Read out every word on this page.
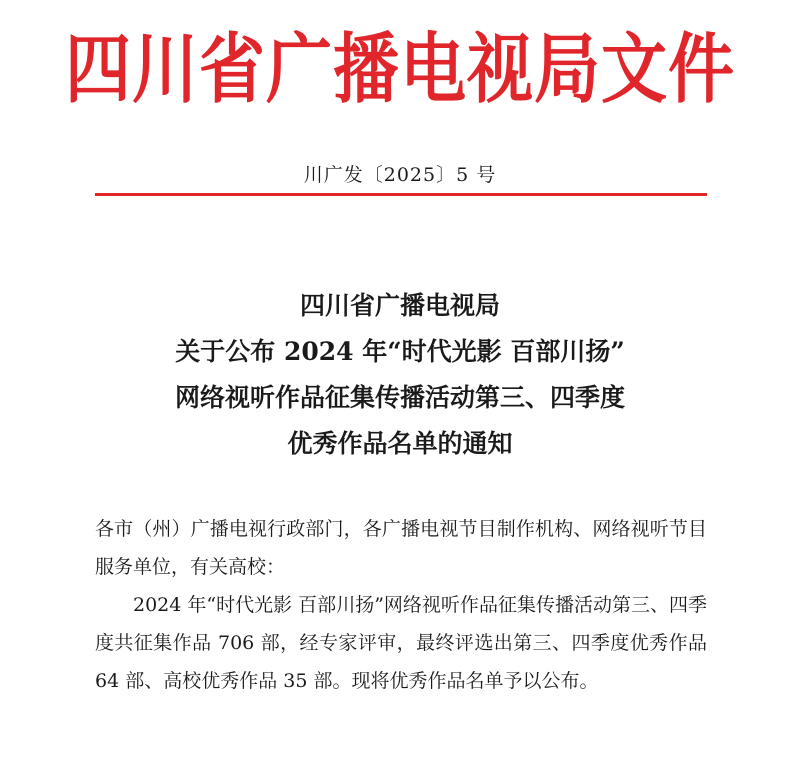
四川省广播电视局文件
川广发〔2025〕5 号
四川省广播电视局
关于公布 2024 年“时代光影 百部川扬”
网络视听作品征集传播活动第三、四季度
优秀作品名单的通知

各市（州）广播电视行政部门，各广播电视节目制作机构、网络视听节目服务单位，有关高校：

2024 年“时代光影 百部川扬”网络视听作品征集传播活动第三、四季度共征集作品 706 部，经专家评审，最终评选出第三、四季度优秀作品 64 部、高校优秀作品 35 部。现将优秀作品名单予以公布。
